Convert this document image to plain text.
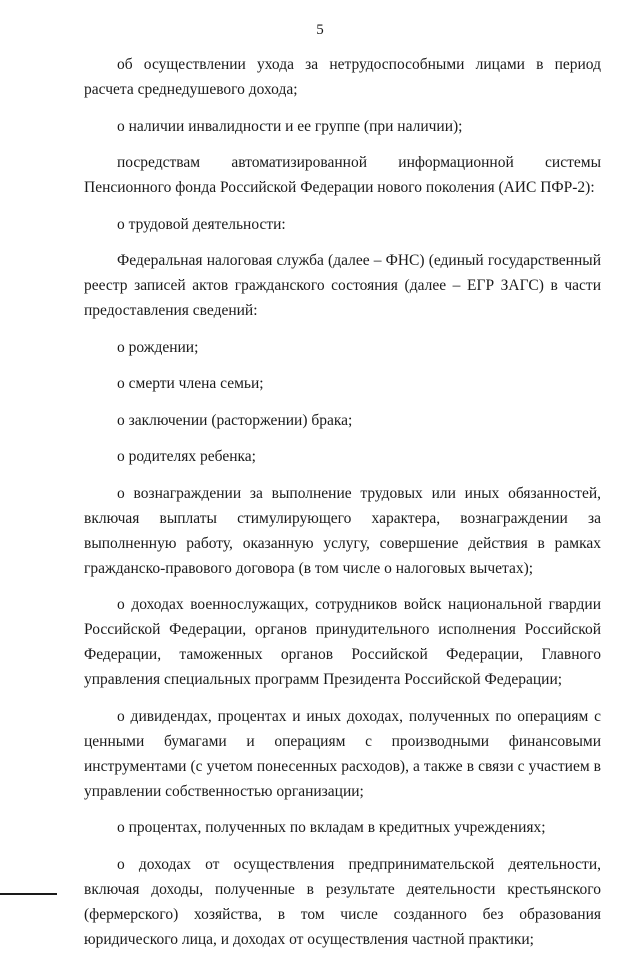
5

об осуществлении ухода за нетрудоспособными лицами в период расчета среднедушевого дохода;

о наличии инвалидности и ее группе (при наличии);

посредствам автоматизированной информационной системы Пенсионного фонда Российской Федерации нового поколения (АИС ПФР-2):

о трудовой деятельности:

Федеральная налоговая служба (далее – ФНС) (единый государственный реестр записей актов гражданского состояния (далее – ЕГР ЗАГС) в части предоставления сведений:

о рождении;

о смерти члена семьи;

о заключении (расторжении) брака;

о родителях ребенка;

о вознаграждении за выполнение трудовых или иных обязанностей, включая выплаты стимулирующего характера, вознаграждении за выполненную работу, оказанную услугу, совершение действия в рамках гражданско-правового договора (в том числе о налоговых вычетах);

о доходах военнослужащих, сотрудников войск национальной гвардии Российской Федерации, органов принудительного исполнения Российской Федерации, таможенных органов Российской Федерации, Главного управления специальных программ Президента Российской Федерации;

о дивидендах, процентах и иных доходах, полученных по операциям с ценными бумагами и операциям с производными финансовыми инструментами (с учетом понесенных расходов), а также в связи с участием в управлении собственностью организации;

о процентах, полученных по вкладам в кредитных учреждениях;

о доходах от осуществления предпринимательской деятельности, включая доходы, полученные в результате деятельности крестьянского (фермерского) хозяйства, в том числе созданного без образования юридического лица, и доходах от осуществления частной практики;
